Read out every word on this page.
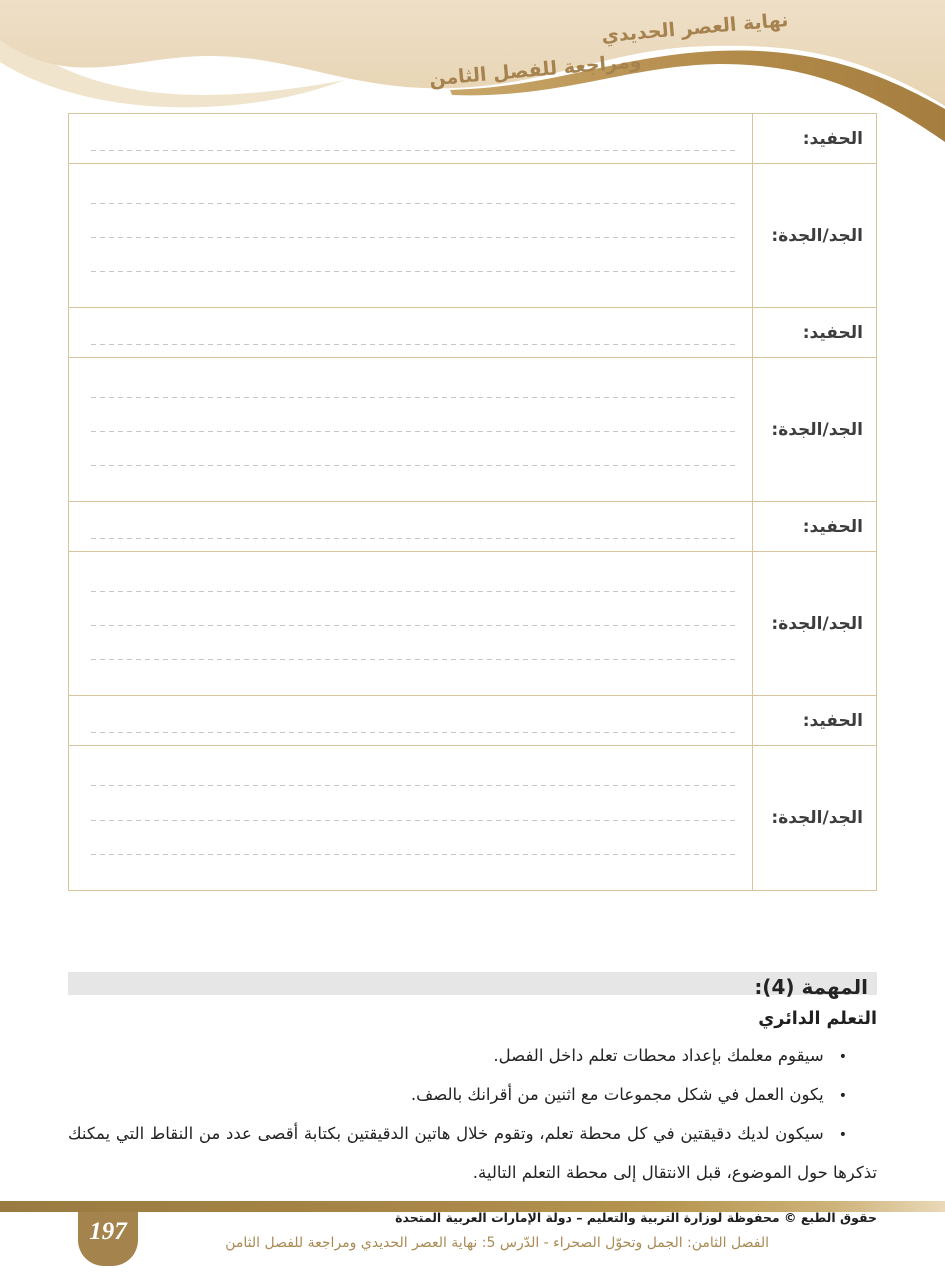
نهاية العصر الحديدي
ومراجعة للفصل الثامن
الحفيد:
الجد/الجدة:
الحفيد:
الجد/الجدة:
الحفيد:
الجد/الجدة:
الحفيد:
الجد/الجدة:
المهمة (4):
التعلم الدائري
•سيقوم معلمك بإعداد محطات تعلم داخل الفصل.
•يكون العمل في شكل مجموعات مع اثنين من أقرانك بالصف.
•سيكون لديك دقيقتين في كل محطة تعلم، وتقوم خلال هاتين الدقيقتين بكتابة أقصى عدد من النقاط التي يمكنك تذكرها حول الموضوع، قبل الانتقال إلى محطة التعلم التالية.
197
حقوق الطبع © محفوظة لوزارة التربية والتعليم – دولة الإمارات العربية المتحدة
الفصل الثامن: الجمل وتحوّل الصحراء - الدّرس 5: نهاية العصر الحديدي ومراجعة للفصل الثامن
